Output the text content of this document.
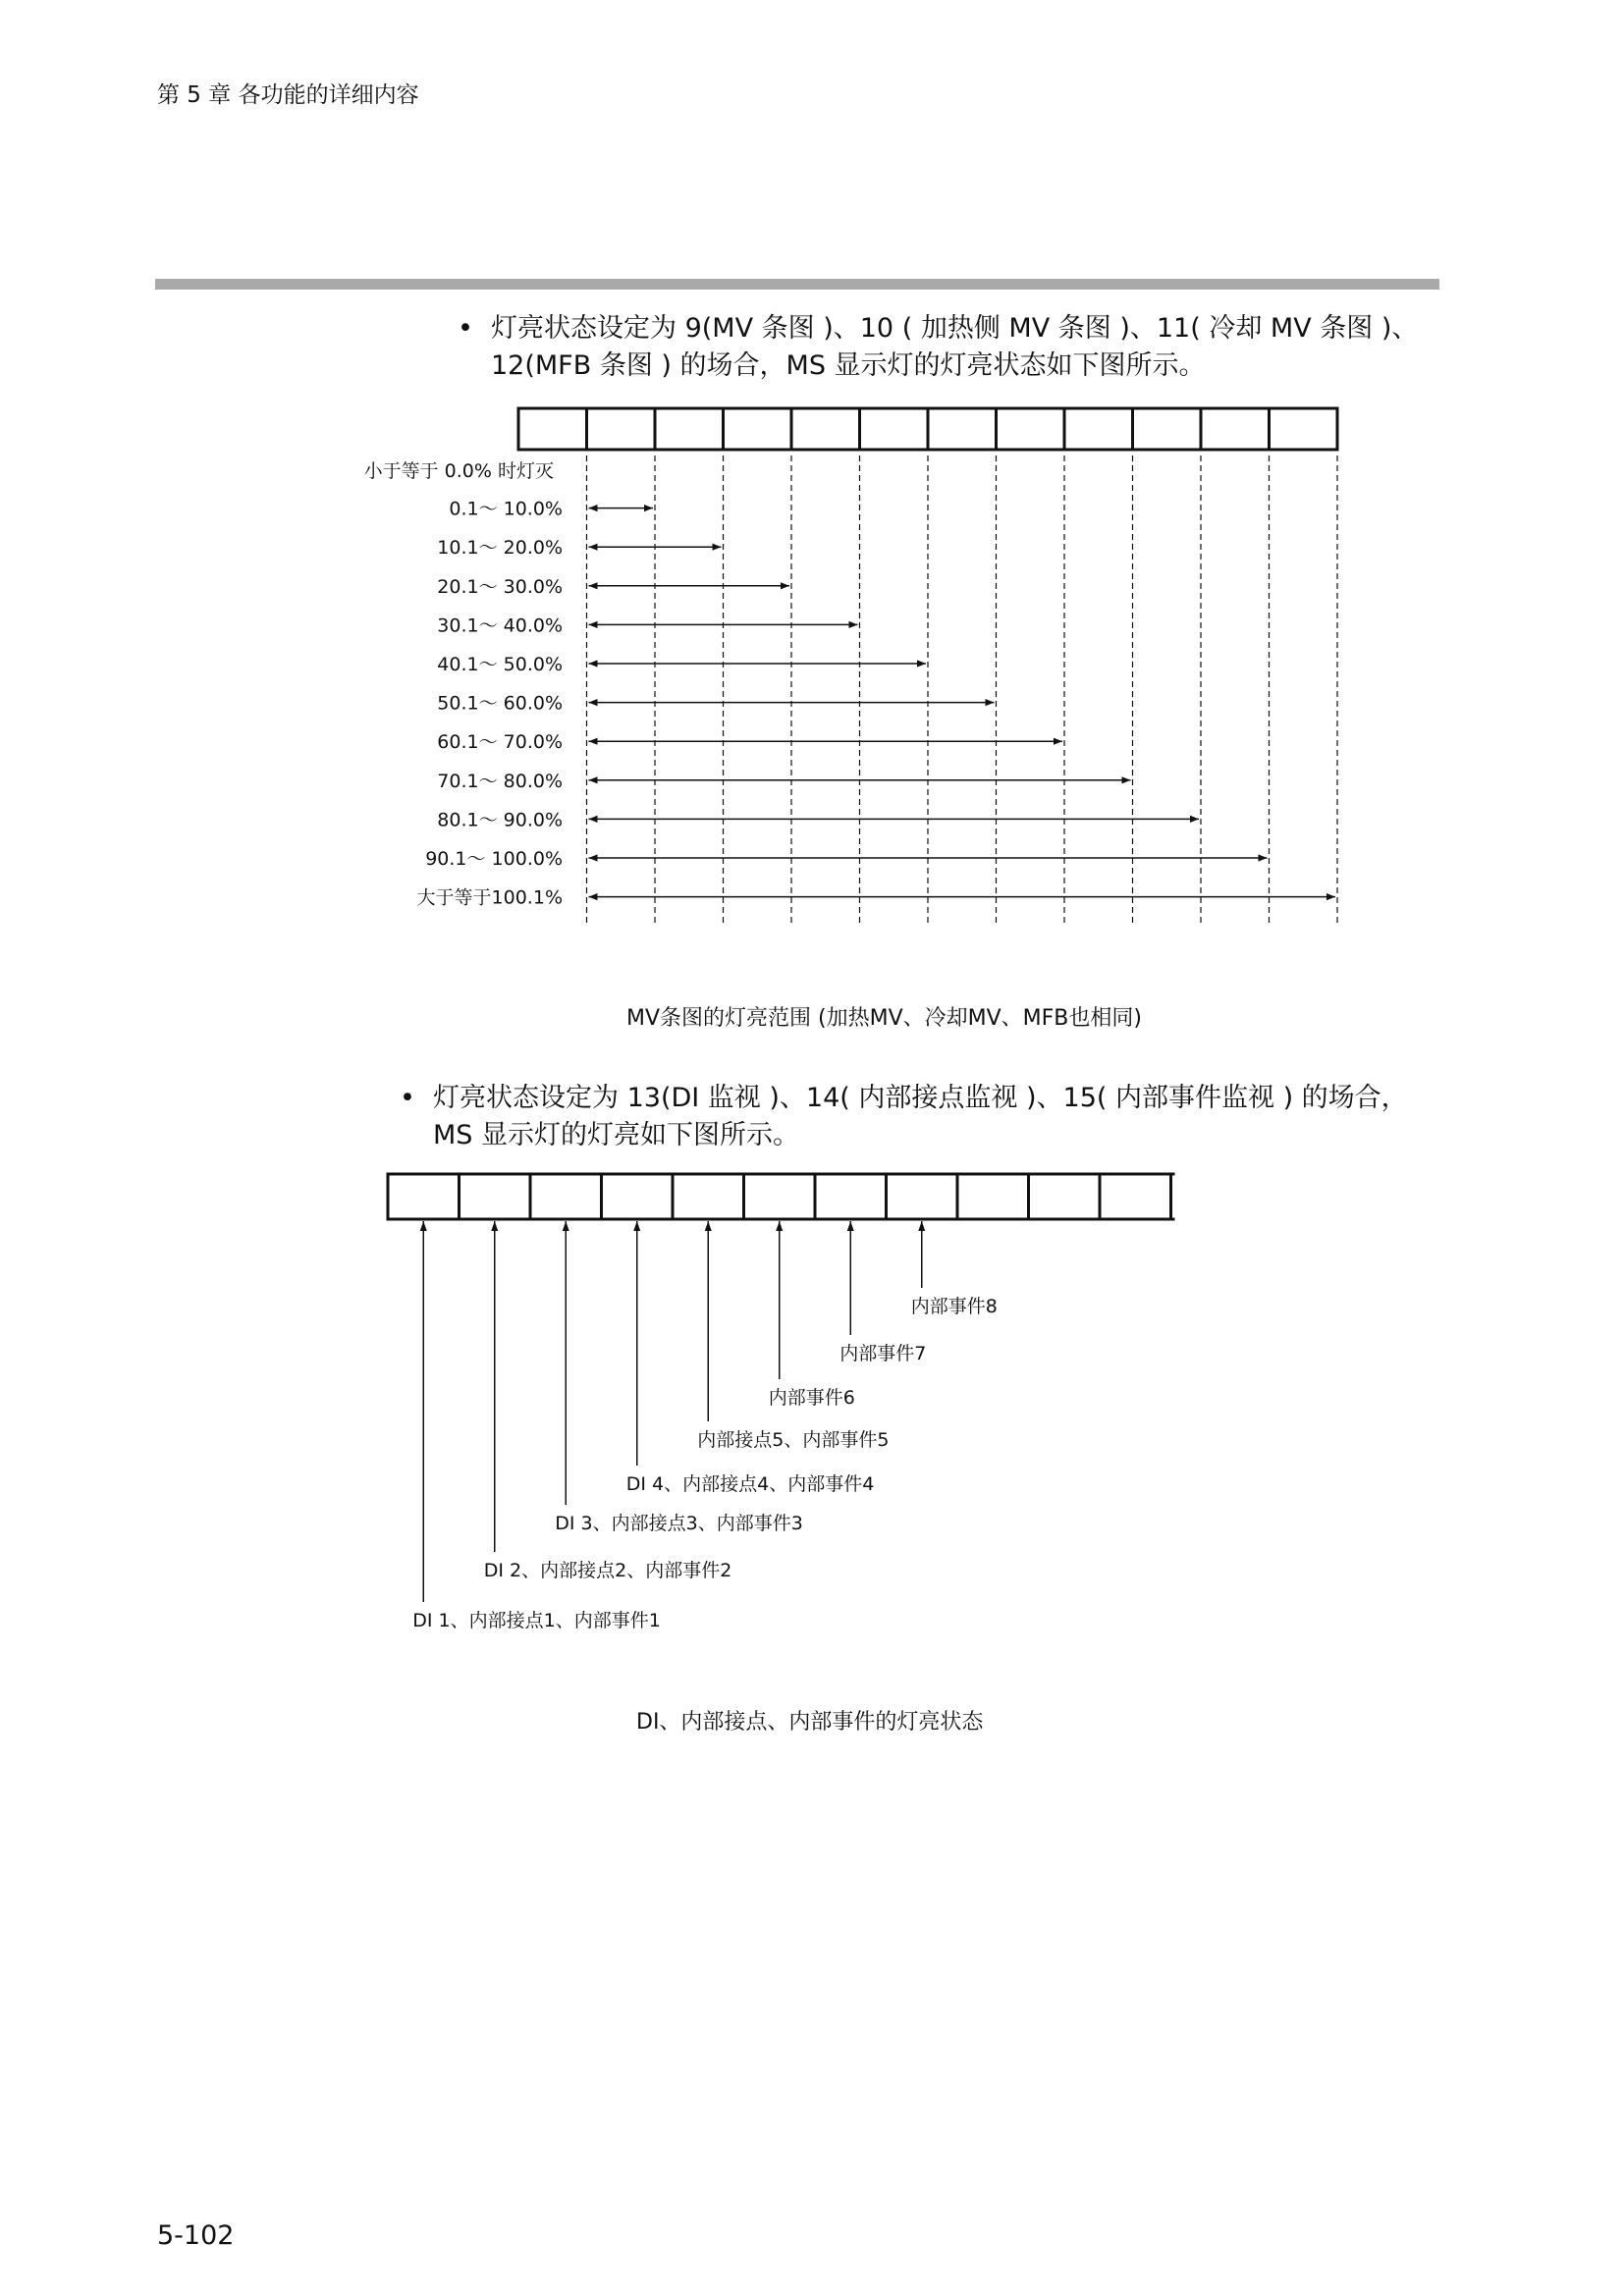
第 5 章 各功能的详细内容
• 灯亮状态设定为 9(MV 条图 )、10 ( 加热侧 MV 条图 )、11( 冷却 MV 条图 )、
12(MFB 条图 ) 的场合，MS 显示灯的灯亮状态如下图所示。
小于等于 0.0% 时灯灭
0.1～ 10.0%
10.1～ 20.0%
20.1～ 30.0%
30.1～ 40.0%
40.1～ 50.0%
50.1～ 60.0%
60.1～ 70.0%
70.1～ 80.0%
80.1～ 90.0%
90.1～ 100.0%
大于等于100.1%
MV条图的灯亮范围 (加热MV、冷却MV、MFB也相同)
• 灯亮状态设定为 13(DI 监视 )、14( 内部接点监视 )、15( 内部事件监视 ) 的场合，
MS 显示灯的灯亮如下图所示。
DI 1、内部接点1、内部事件1
DI 2、内部接点2、内部事件2
DI 3、内部接点3、内部事件3
DI 4、内部接点4、内部事件4
内部接点5、内部事件5
内部事件6
内部事件7
内部事件8
DI、内部接点、内部事件的灯亮状态
5-102
